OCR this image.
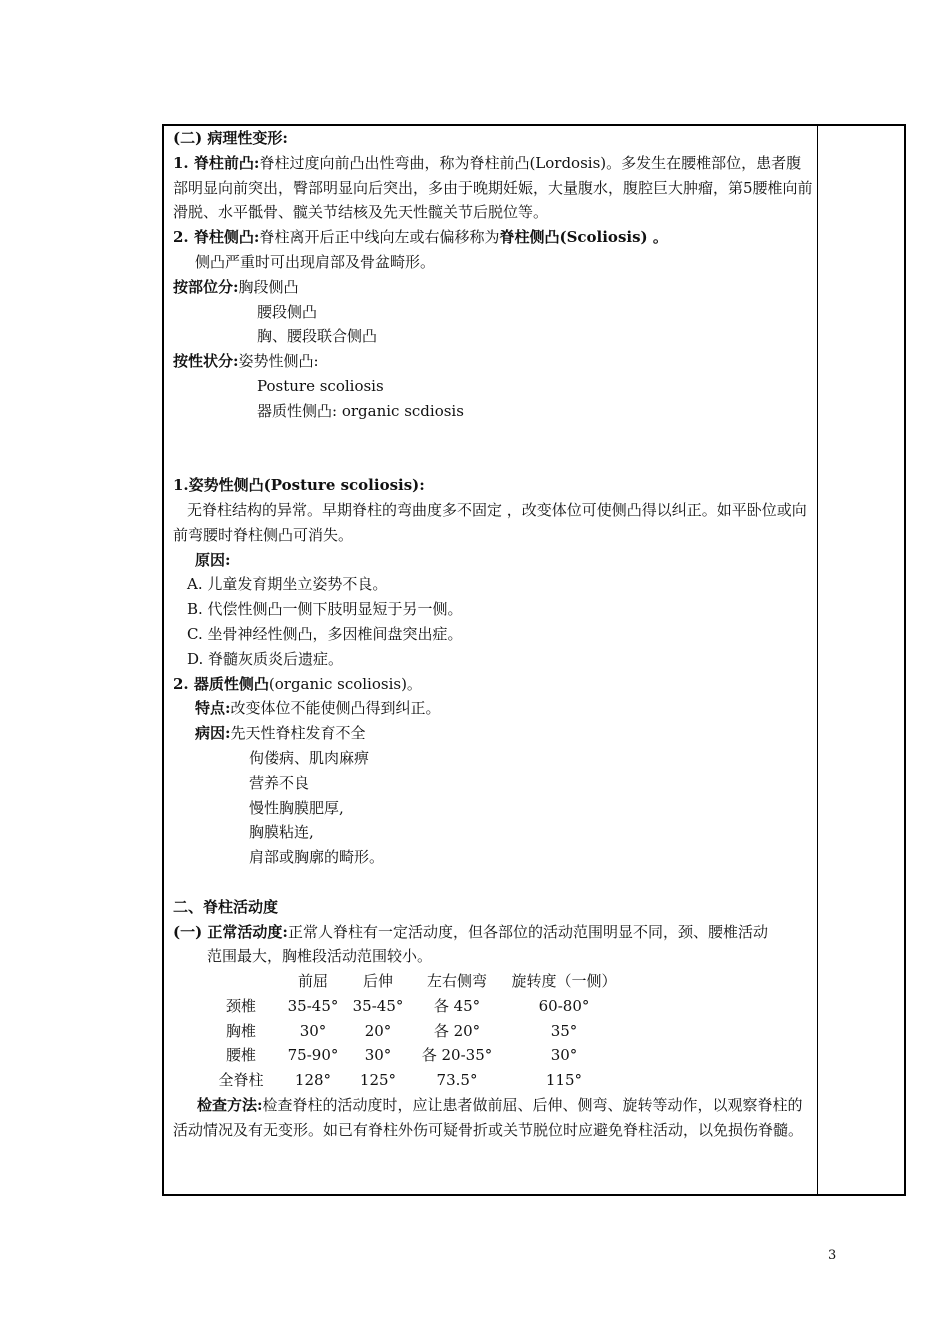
(二) 病理性变形:
1. 脊柱前凸:脊柱过度向前凸出性弯曲，称为脊柱前凸(Lordosis)。多发生在腰椎部位，患者腹部明显向前突出，臀部明显向后突出，多由于晚期妊娠，大量腹水，腹腔巨大肿瘤，第5腰椎向前滑脱、水平骶骨、髋关节结核及先天性髋关节后脱位等。
2. 脊柱侧凸:脊柱离开后正中线向左或右偏移称为脊柱侧凸(Scoliosis) 。
侧凸严重时可出现肩部及骨盆畸形。
按部位分:胸段侧凸
腰段侧凸
胸、腰段联合侧凸
按性状分:姿势性侧凸:
Posture scoliosis
器质性侧凸: organic scdiosis
1.姿势性侧凸(Posture scoliosis):
无脊柱结构的异常。早期脊柱的弯曲度多不固定 ，改变体位可使侧凸得以纠正。如平卧位或向前弯腰时脊柱侧凸可消失。
原因:
A. 儿童发育期坐立姿势不良。
B. 代偿性侧凸一侧下肢明显短于另一侧。
C. 坐骨神经性侧凸，多因椎间盘突出症。
D. 脊髓灰质炎后遗症。
2. 器质性侧凸(organic scoliosis)。
特点:改变体位不能使侧凸得到纠正。
病因:先天性脊柱发育不全
佝偻病、肌肉麻痹
营养不良
慢性胸膜肥厚,
胸膜粘连,
肩部或胸廓的畸形。
二、脊柱活动度
(一) 正常活动度:正常人脊柱有一定活动度，但各部位的活动范围明显不同，颈、腰椎活动
范围最大，胸椎段活动范围较小。
	前屈	后伸	左右侧弯	旋转度（一侧）
颈椎	35-45°	35-45°	各 45°	60-80°
胸椎	30°	20°	各 20°	35°
腰椎	75-90°	30°	各 20-35°	30°
全脊柱	128°	125°	73.5°	115°
检查方法:检查脊柱的活动度时，应让患者做前屈、后伸、侧弯、旋转等动作，以观察脊柱的活动情况及有无变形。如已有脊柱外伤可疑骨折或关节脱位时应避免脊柱活动，以免损伤脊髓。
3
